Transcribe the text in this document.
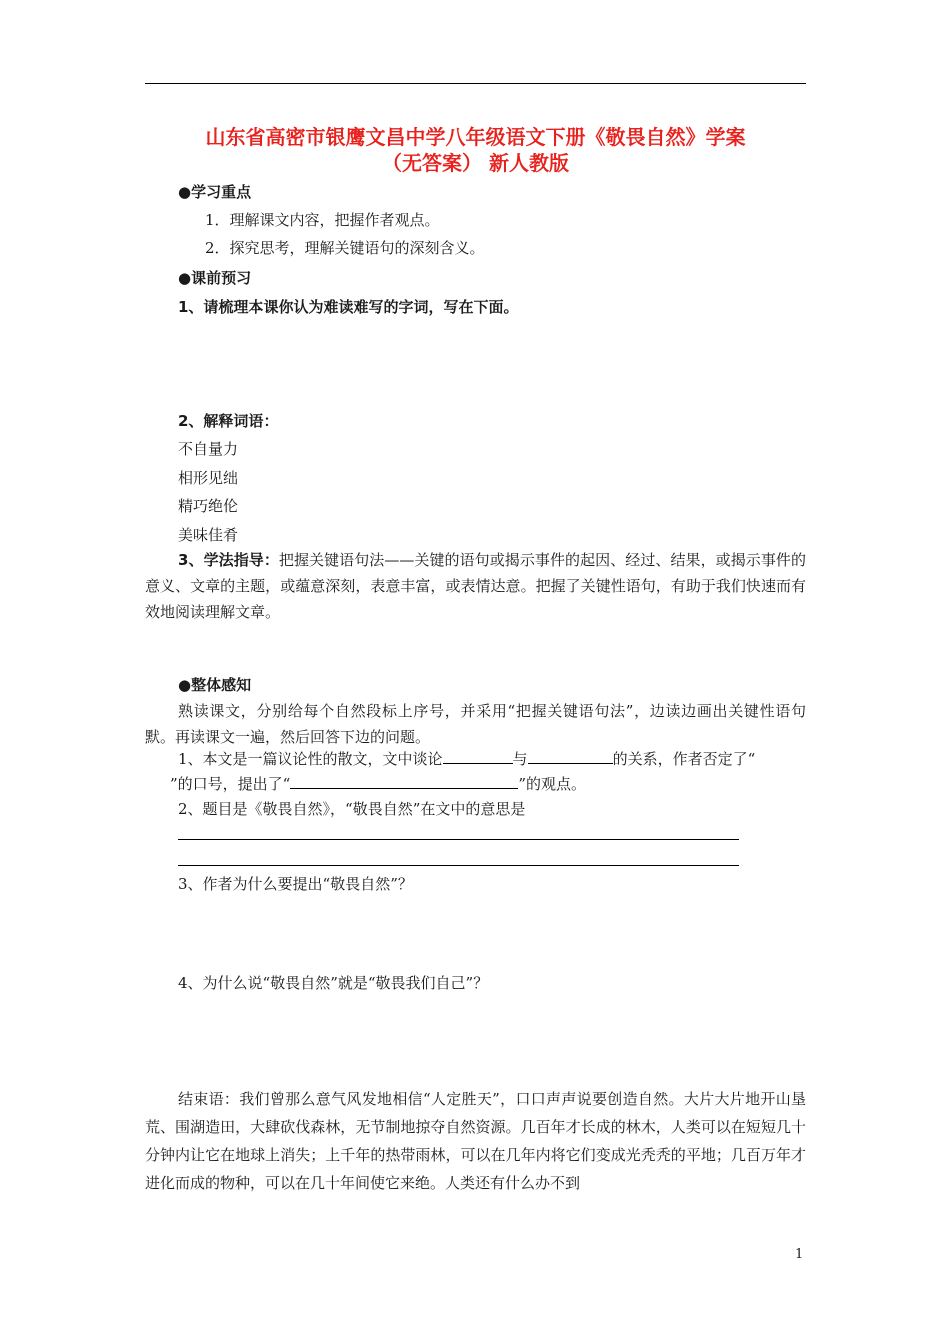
山东省高密市银鹰文昌中学八年级语文下册《敬畏自然》学案
（无答案） 新人教版
●学习重点
1．理解课文内容，把握作者观点。
2．探究思考，理解关键语句的深刻含义。
●课前预习
1、请梳理本课你认为难读难写的字词，写在下面。
2、解释词语：
不自量力
相形见绌
精巧绝伦
美味佳肴
3、学法指导：把握关键语句法——关键的语句或揭示事件的起因、经过、结果，或揭示事件的意义、文章的主题，或蕴意深刻，表意丰富，或表情达意。把握了关键性语句，有助于我们快速而有效地阅读理解文章。
●整体感知
熟读课文，分别给每个自然段标上序号，并采用“把握关键语句法”，边读边画出关键性语句默。再读课文一遍，然后回答下边的问题。
1、本文是一篇议论性的散文，文中谈论	与	的关系，作者否定了“
”的口号，提出了“	”的观点。
2、题目是《敬畏自然》，“敬畏自然”在文中的意思是
3、作者为什么要提出“敬畏自然”？
4、为什么说“敬畏自然”就是“敬畏我们自己”？
结束语：我们曾那么意气风发地相信“人定胜天”，口口声声说要创造自然。大片大片地开山垦荒、围湖造田，大肆砍伐森林，无节制地掠夺自然资源。几百年才长成的林木，人类可以在短短几十分钟内让它在地球上消失；上千年的热带雨林，可以在几年内将它们变成光秃秃的平地；几百万年才进化而成的物种，可以在几十年间使它来绝。人类还有什么办不到
1
